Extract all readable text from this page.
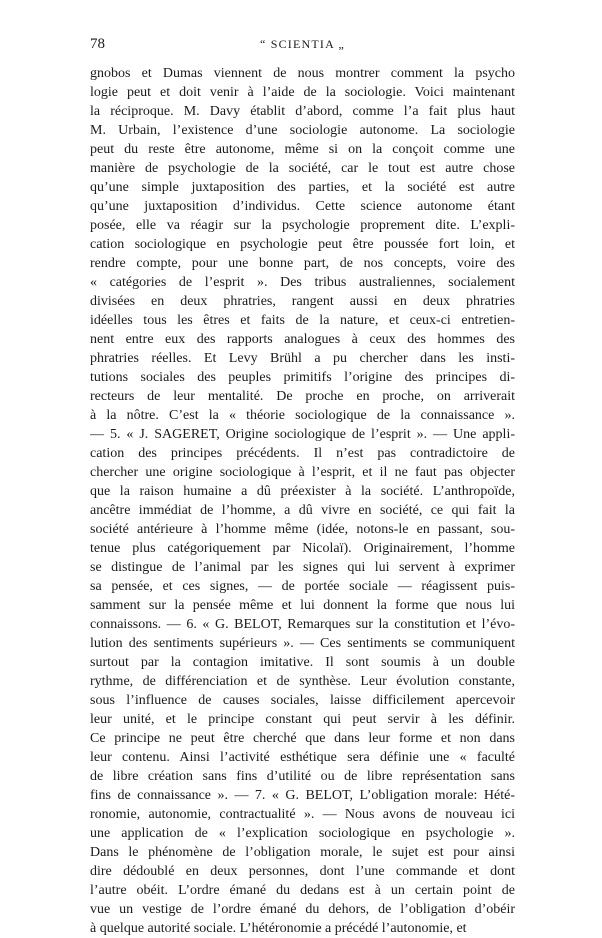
78	“ SCIENTIA „
gnobos et Dumas viennent de nous montrer comment la psycho
logie peut et doit venir à l’aide de la sociologie. Voici maintenant
la réciproque. M. Davy établit d’abord, comme l’a fait plus haut
M. Urbain, l’existence d’une sociologie autonome. La sociologie
peut du reste être autonome, même si on la conçoit comme une
manière de psychologie de la société, car le tout est autre chose
qu’une simple juxtaposition des parties, et la société est autre
qu’une juxtaposition d’individus. Cette science autonome étant
posée, elle va réagir sur la psychologie proprement dite. L’expli-
cation sociologique en psychologie peut être poussée fort loin, et
rendre compte, pour une bonne part, de nos concepts, voire des
« catégories de l’esprit ». Des tribus australiennes, socialement
divisées en deux phratries, rangent aussi en deux phratries
idéelles tous les êtres et faits de la nature, et ceux-ci entretien-
nent entre eux des rapports analogues à ceux des hommes des
phratries réelles. Et Levy Brühl a pu chercher dans les insti-
tutions sociales des peuples primitifs l’origine des principes di-
recteurs de leur mentalité. De proche en proche, on arriverait
à la nôtre. C’est la « théorie sociologique de la connaissance ».
— 5. « J. SAGERET, Origine sociologique de l’esprit ». — Une appli-
cation des principes précédents. Il n’est pas contradictoire de
chercher une origine sociologique à l’esprit, et il ne faut pas objecter
que la raison humaine a dû préexister à la société. L’anthropoïde,
ancêtre immédiat de l’homme, a dû vivre en société, ce qui fait la
société antérieure à l’homme même (idée, notons-le en passant, sou-
tenue plus catégoriquement par Nicolaï). Originairement, l’homme
se distingue de l’animal par les signes qui lui servent à exprimer
sa pensée, et ces signes, — de portée sociale — réagissent puis-
samment sur la pensée même et lui donnent la forme que nous lui
connaissons. — 6. « G. BELOT, Remarques sur la constitution et l’évo-
lution des sentiments supérieurs ». — Ces sentiments se communiquent
surtout par la contagion imitative. Il sont soumis à un double
rythme, de différenciation et de synthèse. Leur évolution constante,
sous l’influence de causes sociales, laisse difficilement apercevoir
leur unité, et le principe constant qui peut servir à les définir.
Ce principe ne peut être cherché que dans leur forme et non dans
leur contenu. Ainsi l’activité esthétique sera définie une « faculté
de libre création sans fins d’utilité ou de libre représentation sans
fins de connaissance ». — 7. « G. BELOT, L’obligation morale: Hété-
ronomie, autonomie, contractualité ». — Nous avons de nouveau ici
une application de « l’explication sociologique en psychologie ».
Dans le phénomène de l’obligation morale, le sujet est pour ainsi
dire dédoublé en deux personnes, dont l’une commande et dont
l’autre obéit. L’ordre émané du dedans est à un certain point de
vue un vestige de l’ordre émané du dehors, de l’obligation d’obéir
à quelque autorité sociale. L’hétéronomie a précédé l’autonomie, et
